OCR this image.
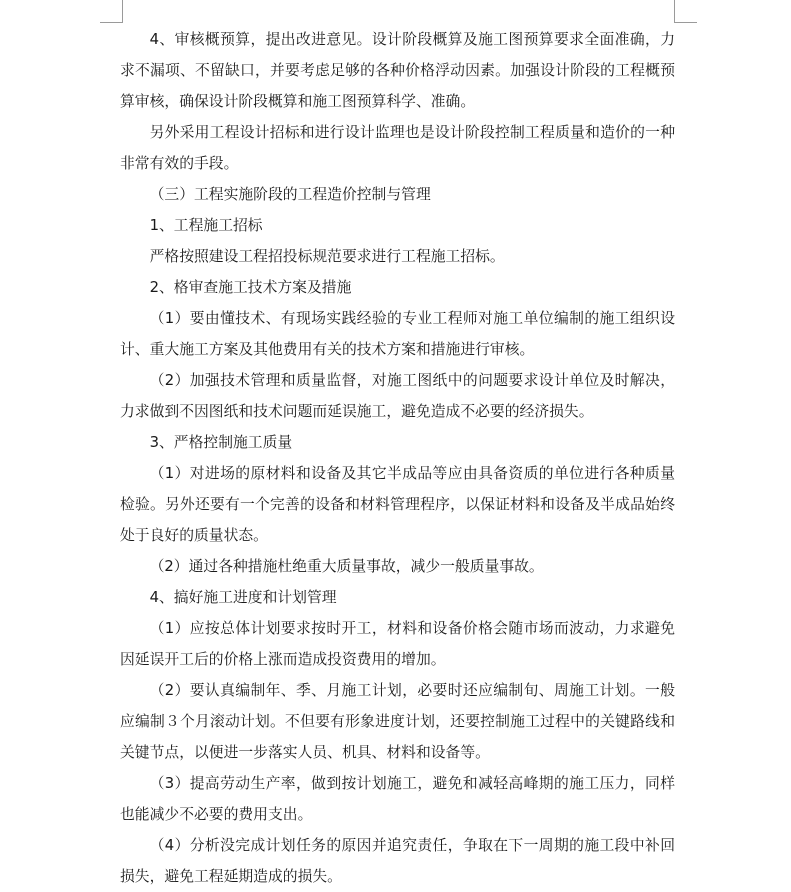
4、审核概预算，提出改进意见。设计阶段概算及施工图预算要求全面准确，力求不漏项、不留缺口，并要考虑足够的各种价格浮动因素。加强设计阶段的工程概预算审核，确保设计阶段概算和施工图预算科学、准确。

另外采用工程设计招标和进行设计监理也是设计阶段控制工程质量和造价的一种非常有效的手段。

（三）工程实施阶段的工程造价控制与管理

1、工程施工招标

严格按照建设工程招投标规范要求进行工程施工招标。

2、格审查施工技术方案及措施

（1）要由懂技术、有现场实践经验的专业工程师对施工单位编制的施工组织设计、重大施工方案及其他费用有关的技术方案和措施进行审核。

（2）加强技术管理和质量监督，对施工图纸中的问题要求设计单位及时解决，力求做到不因图纸和技术问题而延误施工，避免造成不必要的经济损失。

3、严格控制施工质量

（1）对进场的原材料和设备及其它半成品等应由具备资质的单位进行各种质量检验。另外还要有一个完善的设备和材料管理程序，以保证材料和设备及半成品始终处于良好的质量状态。

（2）通过各种措施杜绝重大质量事故，减少一般质量事故。

4、搞好施工进度和计划管理

（1）应按总体计划要求按时开工，材料和设备价格会随市场而波动，力求避免因延误开工后的价格上涨而造成投资费用的增加。

（2）要认真编制年、季、月施工计划，必要时还应编制旬、周施工计划。一般应编制３个月滚动计划。不但要有形象进度计划，还要控制施工过程中的关键路线和关键节点，以便进一步落实人员、机具、材料和设备等。

（3）提高劳动生产率，做到按计划施工，避免和减轻高峰期的施工压力，同样也能减少不必要的费用支出。

（4）分析没完成计划任务的原因并追究责任，争取在下一周期的施工段中补回损失，避免工程延期造成的损失。
